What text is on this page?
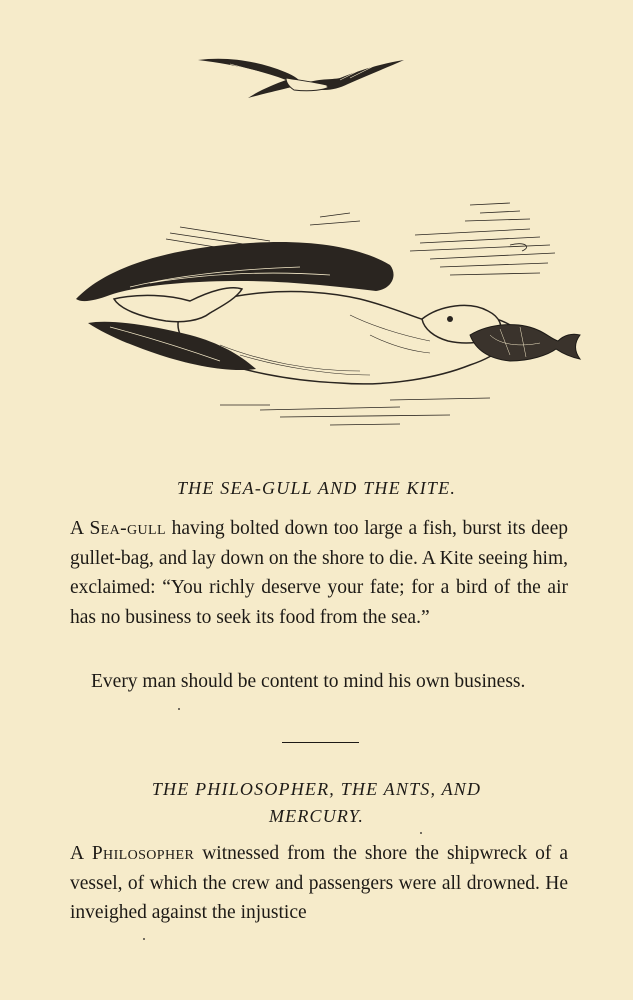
THE SEA-GULL AND THE KITE.
A Sea-gull having bolted down too large a fish, burst its deep gullet-bag, and lay down on the shore to die. A Kite seeing him, exclaimed: “You richly deserve your fate; for a bird of the air has no business to seek its food from the sea.”
Every man should be content to mind his own business.
THE PHILOSOPHER, THE ANTS, AND
MERCURY.
A Philosopher witnessed from the shore the shipwreck of a vessel, of which the crew and passengers were all drowned. He inveighed against the injustice
